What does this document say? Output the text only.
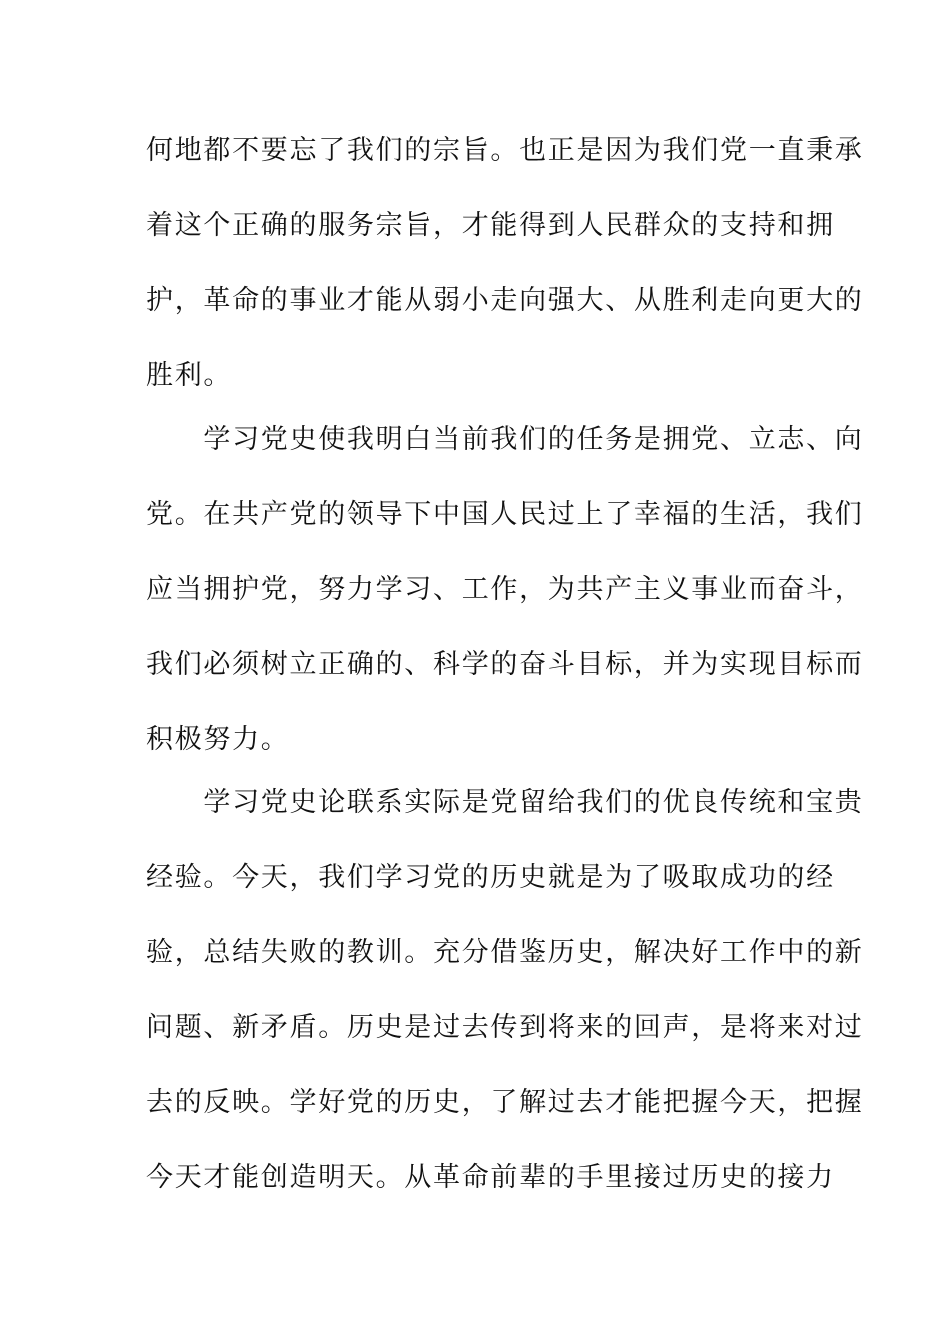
何地都不要忘了我们的宗旨。也正是因为我们党一直秉承
着这个正确的服务宗旨，才能得到人民群众的支持和拥
护，革命的事业才能从弱小走向强大、从胜利走向更大的
胜利。
　　学习党史使我明白当前我们的任务是拥党、立志、向
党。在共产党的领导下中国人民过上了幸福的生活，我们
应当拥护党，努力学习、工作，为共产主义事业而奋斗，
我们必须树立正确的、科学的奋斗目标，并为实现目标而
积极努力。
　　学习党史论联系实际是党留给我们的优良传统和宝贵
经验。今天，我们学习党的历史就是为了吸取成功的经
验，总结失败的教训。充分借鉴历史，解决好工作中的新
问题、新矛盾。历史是过去传到将来的回声，是将来对过
去的反映。学好党的历史，了解过去才能把握今天，把握
今天才能创造明天。从革命前辈的手里接过历史的接力
